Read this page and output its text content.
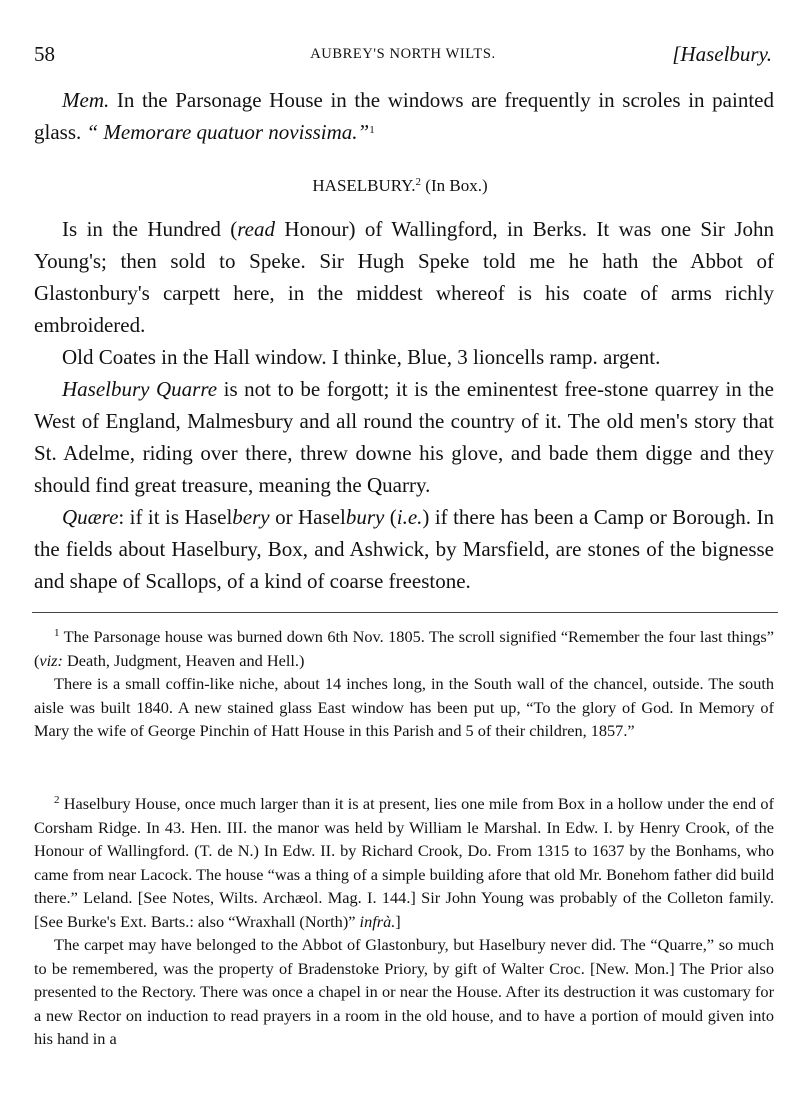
58	AUBREY'S NORTH WILTS.	[Haselbury.

Mem. In the Parsonage House in the windows are frequently in scroles in painted glass. “ Memorare quatuor novissima.”$^1$

HASELBURY.$^2$ (In Box.)

Is in the Hundred (read Honour) of Wallingford, in Berks. It was one Sir John Young's; then sold to Speke. Sir Hugh Speke told me he hath the Abbot of Glastonbury's carpett here, in the middest whereof is his coate of arms richly embroidered.

Old Coates in the Hall window. I thinke, Blue, 3 lioncells ramp. argent.

Haselbury Quarre is not to be forgott; it is the eminentest free-stone quarrey in the West of England, Malmesbury and all round the country of it. The old men's story that St. Adelme, riding over there, threw downe his glove, and bade them digge and they should find great treasure, meaning the Quarry.

Quære: if it is Haselbery or Haselbury (i.e.) if there has been a Camp or Borough. In the fields about Haselbury, Box, and Ashwick, by Marsfield, are stones of the bignesse and shape of Scallops, of a kind of coarse freestone.

$^1$ The Parsonage house was burned down 6th Nov. 1805. The scroll signified “Remember the four last things” (viz: Death, Judgment, Heaven and Hell.)

There is a small coffin-like niche, about 14 inches long, in the South wall of the chancel, outside. The south aisle was built 1840. A new stained glass East window has been put up, “To the glory of God. In Memory of Mary the wife of George Pinchin of Hatt House in this Parish and 5 of their children, 1857.”

$^2$ Haselbury House, once much larger than it is at present, lies one mile from Box in a hollow under the end of Corsham Ridge. In 43. Hen. III. the manor was held by William le Marshal. In Edw. I. by Henry Crook, of the Honour of Wallingford. (T. de N.) In Edw. II. by Richard Crook, Do. From 1315 to 1637 by the Bonhams, who came from near Lacock. The house “was a thing of a simple building afore that old Mr. Bonehom father did build there.” Leland. [See Notes, Wilts. Archæol. Mag. I. 144.] Sir John Young was probably of the Colleton family. [See Burke's Ext. Barts.: also “Wraxhall (North)” infrà.]

The carpet may have belonged to the Abbot of Glastonbury, but Haselbury never did. The “Quarre,” so much to be remembered, was the property of Bradenstoke Priory, by gift of Walter Croc. [New. Mon.] The Prior also presented to the Rectory. There was once a chapel in or near the House. After its destruction it was customary for a new Rector on induction to read prayers in a room in the old house, and to have a portion of mould given into his hand in a
